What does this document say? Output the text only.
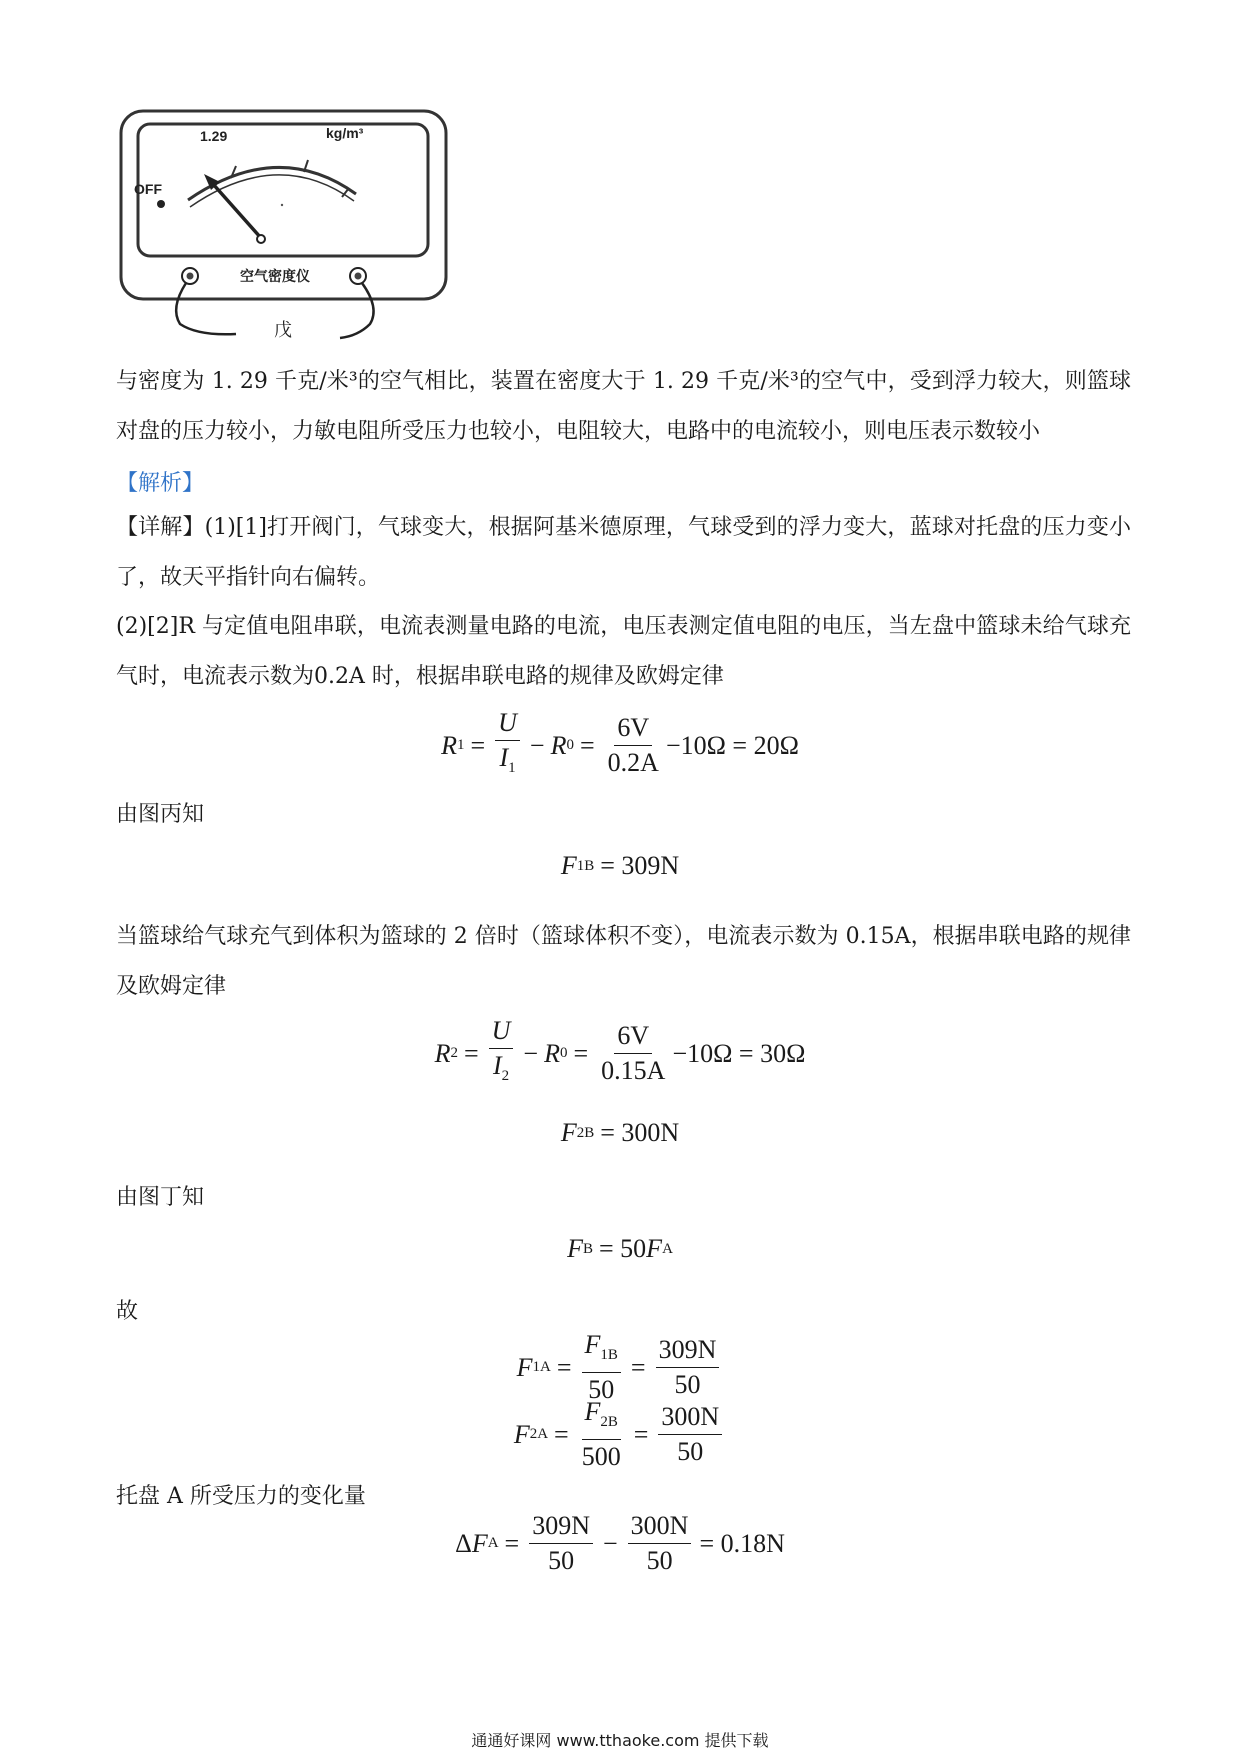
1.29	kg/m³
OFF
空气密度仪
戊

与密度为 1. 29 千克/米³的空气相比，装置在密度大于 1. 29 千克/米³的空气中，受到浮力较大，则篮球对盘的压力较小，力敏电阻所受压力也较小，电阻较大，电路中的电流较小，则电压表示数较小

【解析】

【详解】(1)[1]打开阀门，气球变大，根据阿基米德原理，气球受到的浮力变大，蓝球对托盘的压力变小了，故天平指针向右偏转。

(2)[2]R 与定值电阻串联，电流表测量电路的电流，电压表测定值电阻的电压，当左盘中篮球未给气球充气时，电流表示数为0.2A 时，根据串联电路的规律及欧姆定律

R $1 = \frac{U}{I_1} - R$ $0 = \frac{6V}{0.2A} -10\Omega = 20\Omega$
由图丙知
F 1B = 309N

当篮球给气球充气到体积为篮球的 2 倍时（篮球体积不变），电流表示数为 0.15A，根据串联电路的规律及欧姆定律

R $2 = \frac{U}{I_2} - R$ $0 = \frac{6V}{0.15A} -10\Omega = 30\Omega$
F 2B = 300N
由图丁知
F B = 50 F A
故
F $1A = \frac{F_{1B}}{50} = \frac{309N}{50}$
F $2A = \frac{F_{2B}}{500} = \frac{300N}{50}$
托盘 A 所受压力的变化量
Δ F $A = \frac{309N}{50} - \frac{300N}{50} = 0.18N$
通通好课网 www.tthaoke.com 提供下载
